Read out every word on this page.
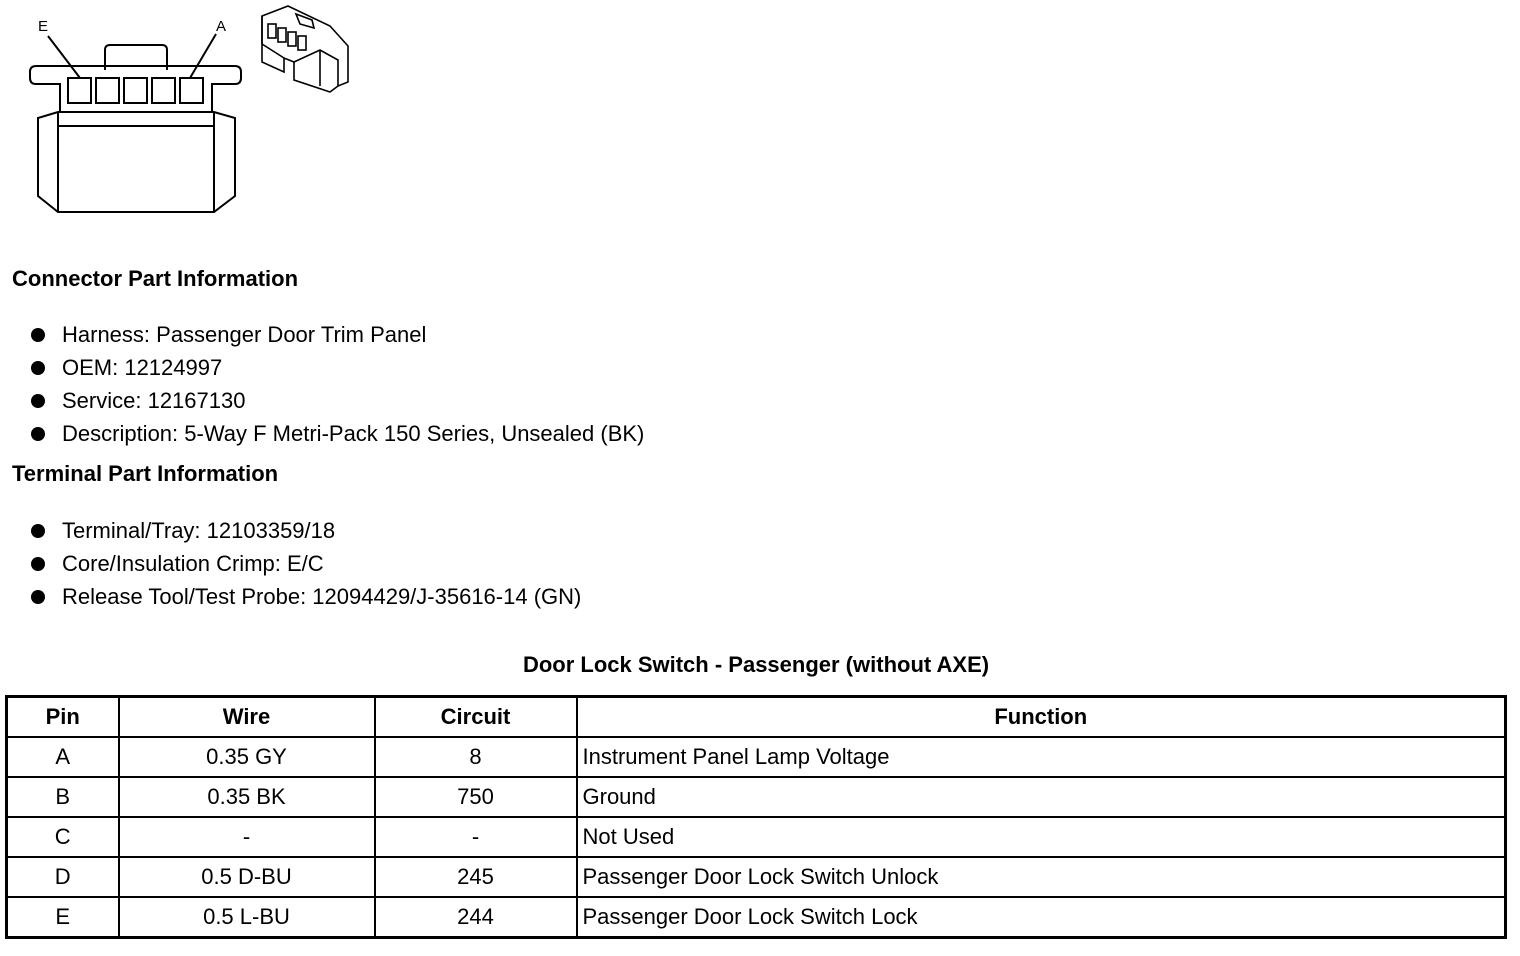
E	A
Connector Part Information
Harness: Passenger Door Trim Panel
OEM: 12124997
Service: 12167130
Description: 5-Way F Metri-Pack 150 Series, Unsealed (BK)
Terminal Part Information
Terminal/Tray: 12103359/18
Core/Insulation Crimp: E/C
Release Tool/Test Probe: 12094429/J-35616-14 (GN)
Door Lock Switch - Passenger (without AXE)
Pin	Wire	Circuit	Function
A	0.35 GY	8	Instrument Panel Lamp Voltage
B	0.35 BK	750	Ground
C	-	-	Not Used
D	0.5 D-BU	245	Passenger Door Lock Switch Unlock
E	0.5 L-BU	244	Passenger Door Lock Switch Lock
